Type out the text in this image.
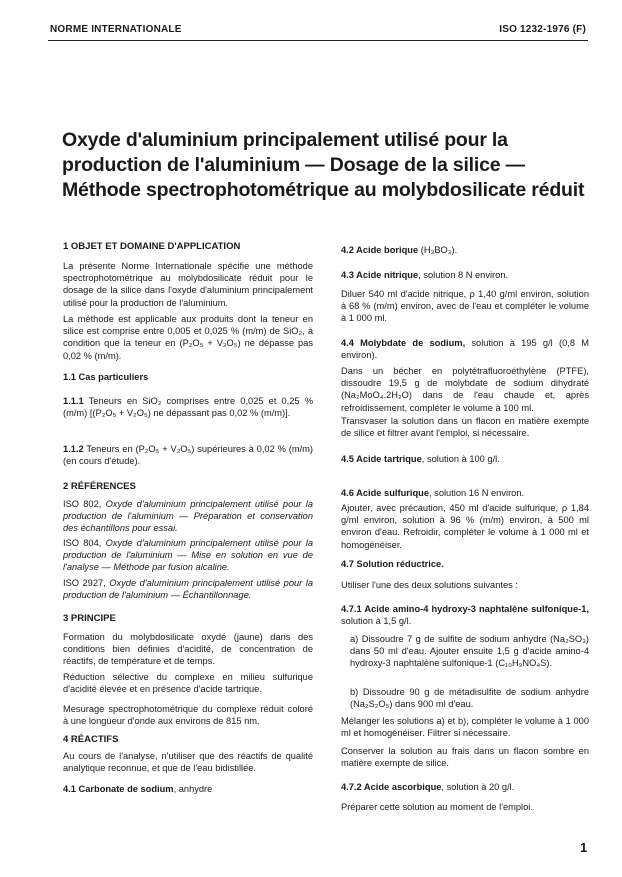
NORME INTERNATIONALE	ISO 1232-1976 (F)
Oxyde d'aluminium principalement utilisé pour la production de l'aluminium — Dosage de la silice — Méthode spectrophotométrique au molybdosilicate réduit
1 OBJET ET DOMAINE D'APPLICATION
La présente Norme Internationale spécifie une méthode spectrophotométrique au molybdosilicate réduit pour le dosage de la silice dans l'oxyde d'aluminium principalement utilisé pour la production de l'aluminium.
La méthode est applicable aux produits dont la teneur en silice est comprise entre 0,005 et 0,025 % (m/m) de SiO₂, à condition que la teneur en (P₂O₅ + V₂O₅) ne dépasse pas 0,02 % (m/m).
1.1 Cas particuliers
1.1.1 Teneurs en SiO₂ comprises entre 0,025 et 0,25 % (m/m) [(P₂O₅ + V₂O₅) ne dépassant pas 0,02 % (m/m)].
1.1.2 Teneurs en (P₂O₅ + V₂O₅) supérieures à 0,02 % (m/m) (en cours d'étude).
2 RÉFÉRENCES
ISO 802, Oxyde d'aluminium principalement utilisé pour la production de l'aluminium — Préparation et conservation des échantillons pour essai.
ISO 804, Oxyde d'aluminium principalement utilisé pour la production de l'aluminium — Mise en solution en vue de l'analyse — Méthode par fusion alcaline.
ISO 2927, Oxyde d'aluminium principalement utilisé pour la production de l'aluminium — Échantillonnage.
3 PRINCIPE
Formation du molybdosilicate oxydé (jaune) dans des conditions bien définies d'acidité, de concentration de réactifs, de température et de temps.
Réduction sélective du complexe en milieu sulfurique d'acidité élevée et en présence d'acide tartrique.
Mesurage spectrophotométrique du complexe réduit coloré à une longueur d'onde aux environs de 815 nm.
4 RÉACTIFS
Au cours de l'analyse, n'utiliser que des réactifs de qualité analytique reconnue, et que de l'eau bidistillée.
4.1 Carbonate de sodium, anhydre
4.2 Acide borique (H₃BO₃).
4.3 Acide nitrique, solution 8 N environ.
Diluer 540 ml d'acide nitrique, ρ 1,40 g/ml environ, solution à 68 % (m/m) environ, avec de l'eau et compléter le volume à 1 000 ml.
4.4 Molybdate de sodium, solution à 195 g/l (0,8 M environ).
Dans un bécher en polytétrafluoroéthylène (PTFE), dissoudre 19,5 g de molybdate de sodium dihydraté (Na₂MoO₄.2H₂O) dans de l'eau chaude et, après refroidissement, compléter le volume à 100 ml.
Transvaser la solution dans un flacon en matière exempte de silice et filtrer avant l'emploi, si nécessaire.
4.5 Acide tartrique, solution à 100 g/l.
4.6 Acide sulfurique, solution 16 N environ.
Ajouter, avec précaution, 450 ml d'acide sulfurique, ρ 1,84 g/ml environ, solution à 96 % (m/m) environ, à 500 ml environ d'eau. Refroidir, compléter le volume à 1 000 ml et homogénéiser.
4.7 Solution réductrice.
Utiliser l'une des deux solutions suivantes :
4.7.1 Acide amino-4 hydroxy-3 naphtalène sulfonique-1, solution à 1,5 g/l.
a) Dissoudre 7 g de sulfite de sodium anhydre (Na₂SO₃) dans 50 ml d'eau. Ajouter ensuite 1,5 g d'acide amino-4 hydroxy-3 naphtalène sulfonique-1 (C₁₀H₉NO₄S).
b) Dissoudre 90 g de métadisulfite de sodium anhydre (Na₂S₂O₅) dans 900 ml d'eau.
Mélanger les solutions a) et b), compléter le volume à 1 000 ml et homogénéiser. Filtrer si nécessaire.
Conserver la solution au frais dans un flacon sombre en matière exempte de silice.
4.7.2 Acide ascorbique, solution à 20 g/l.
Préparer cette solution au moment de l'emploi.
1
